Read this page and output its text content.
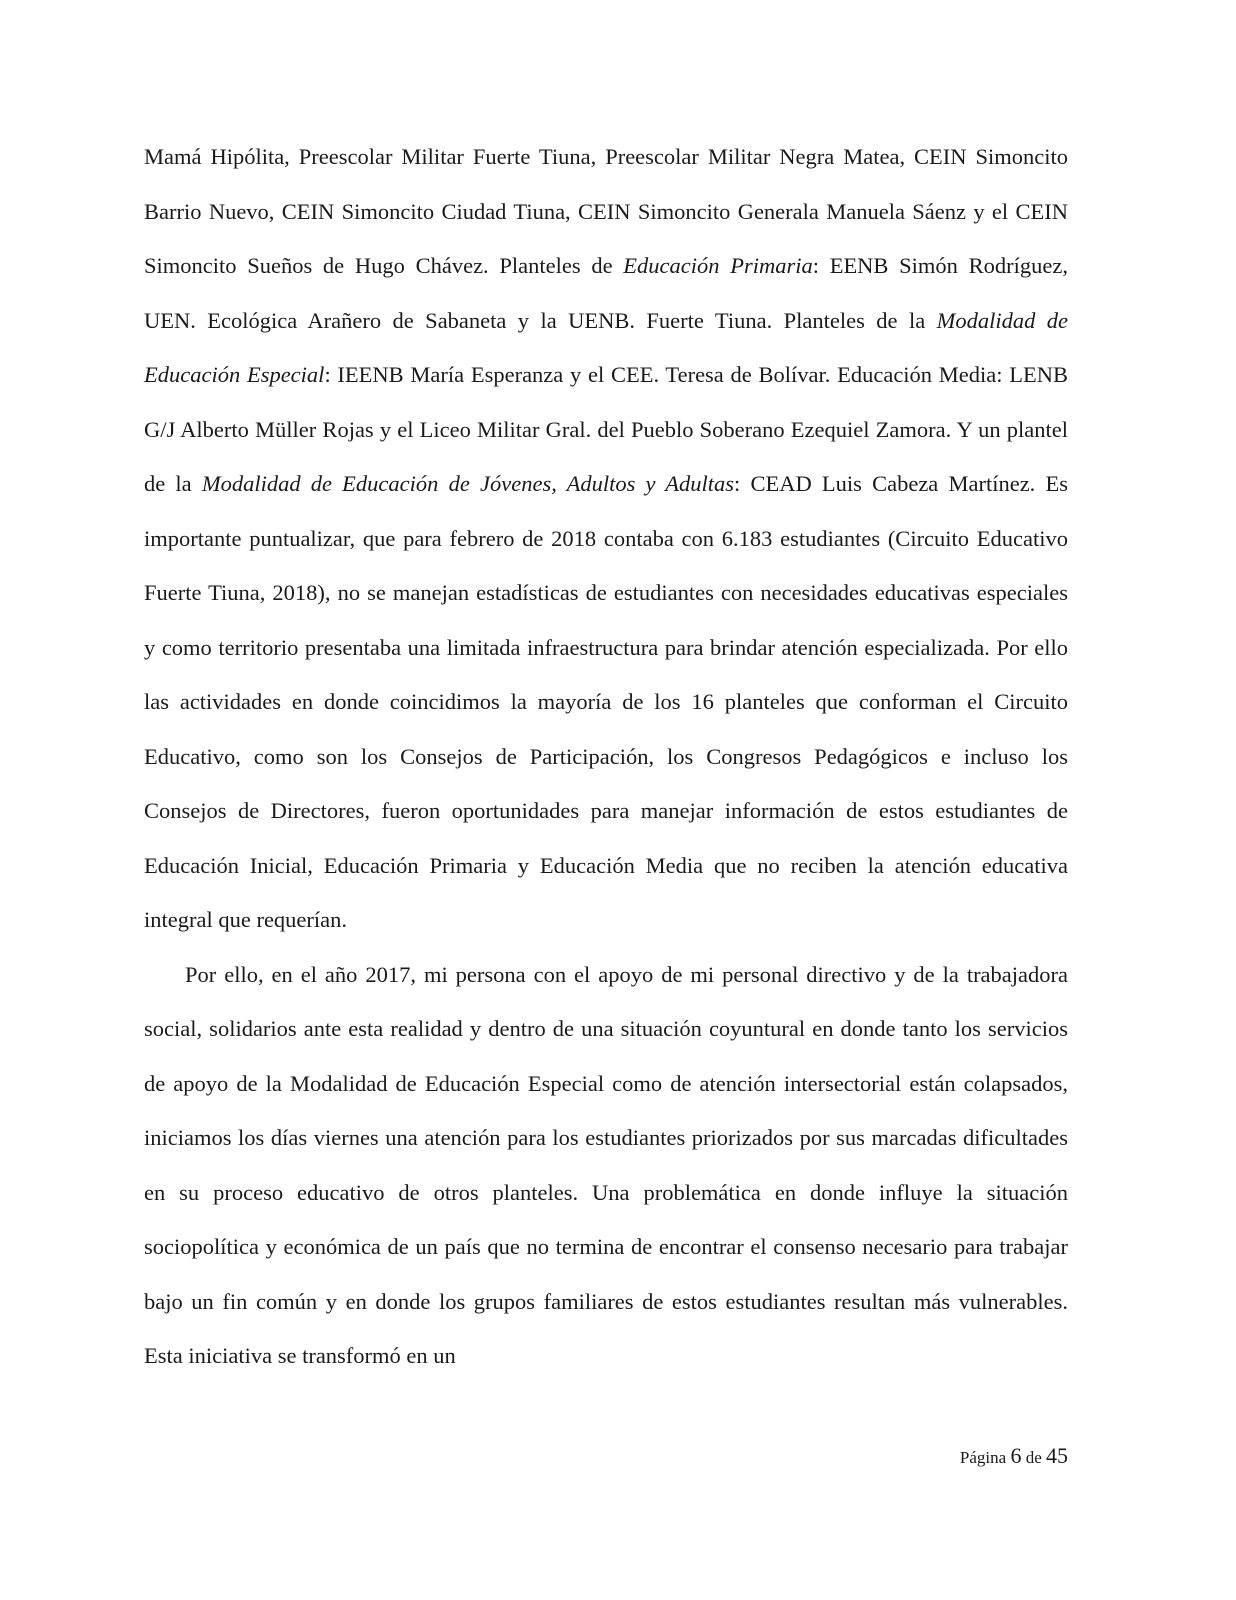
Mamá Hipólita, Preescolar Militar Fuerte Tiuna, Preescolar Militar Negra Matea, CEIN Simoncito Barrio Nuevo, CEIN Simoncito Ciudad Tiuna, CEIN Simoncito Generala Manuela Sáenz y el CEIN Simoncito Sueños de Hugo Chávez. Planteles de Educación Primaria: EENB Simón Rodríguez, UEN. Ecológica Arañero de Sabaneta y la UENB. Fuerte Tiuna. Planteles de la Modalidad de Educación Especial: IEENB María Esperanza y el CEE. Teresa de Bolívar. Educación Media: LENB G/J Alberto Müller Rojas y el Liceo Militar Gral. del Pueblo Soberano Ezequiel Zamora. Y un plantel de la Modalidad de Educación de Jóvenes, Adultos y Adultas: CEAD Luis Cabeza Martínez. Es importante puntualizar, que para febrero de 2018 contaba con 6.183 estudiantes (Circuito Educativo Fuerte Tiuna, 2018), no se manejan estadísticas de estudiantes con necesidades educativas especiales y como territorio presentaba una limitada infraestructura para brindar atención especializada. Por ello las actividades en donde coincidimos la mayoría de los 16 planteles que conforman el Circuito Educativo, como son los Consejos de Participación, los Congresos Pedagógicos e incluso los Consejos de Directores, fueron oportunidades para manejar información de estos estudiantes de Educación Inicial, Educación Primaria y Educación Media que no reciben la atención educativa integral que requerían.

Por ello, en el año 2017, mi persona con el apoyo de mi personal directivo y de la trabajadora social, solidarios ante esta realidad y dentro de una situación coyuntural en donde tanto los servicios de apoyo de la Modalidad de Educación Especial como de atención intersectorial están colapsados, iniciamos los días viernes una atención para los estudiantes priorizados por sus marcadas dificultades en su proceso educativo de otros planteles. Una problemática en donde influye la situación sociopolítica y económica de un país que no termina de encontrar el consenso necesario para trabajar bajo un fin común y en donde los grupos familiares de estos estudiantes resultan más vulnerables. Esta iniciativa se transformó en un

Página 6 de 45
